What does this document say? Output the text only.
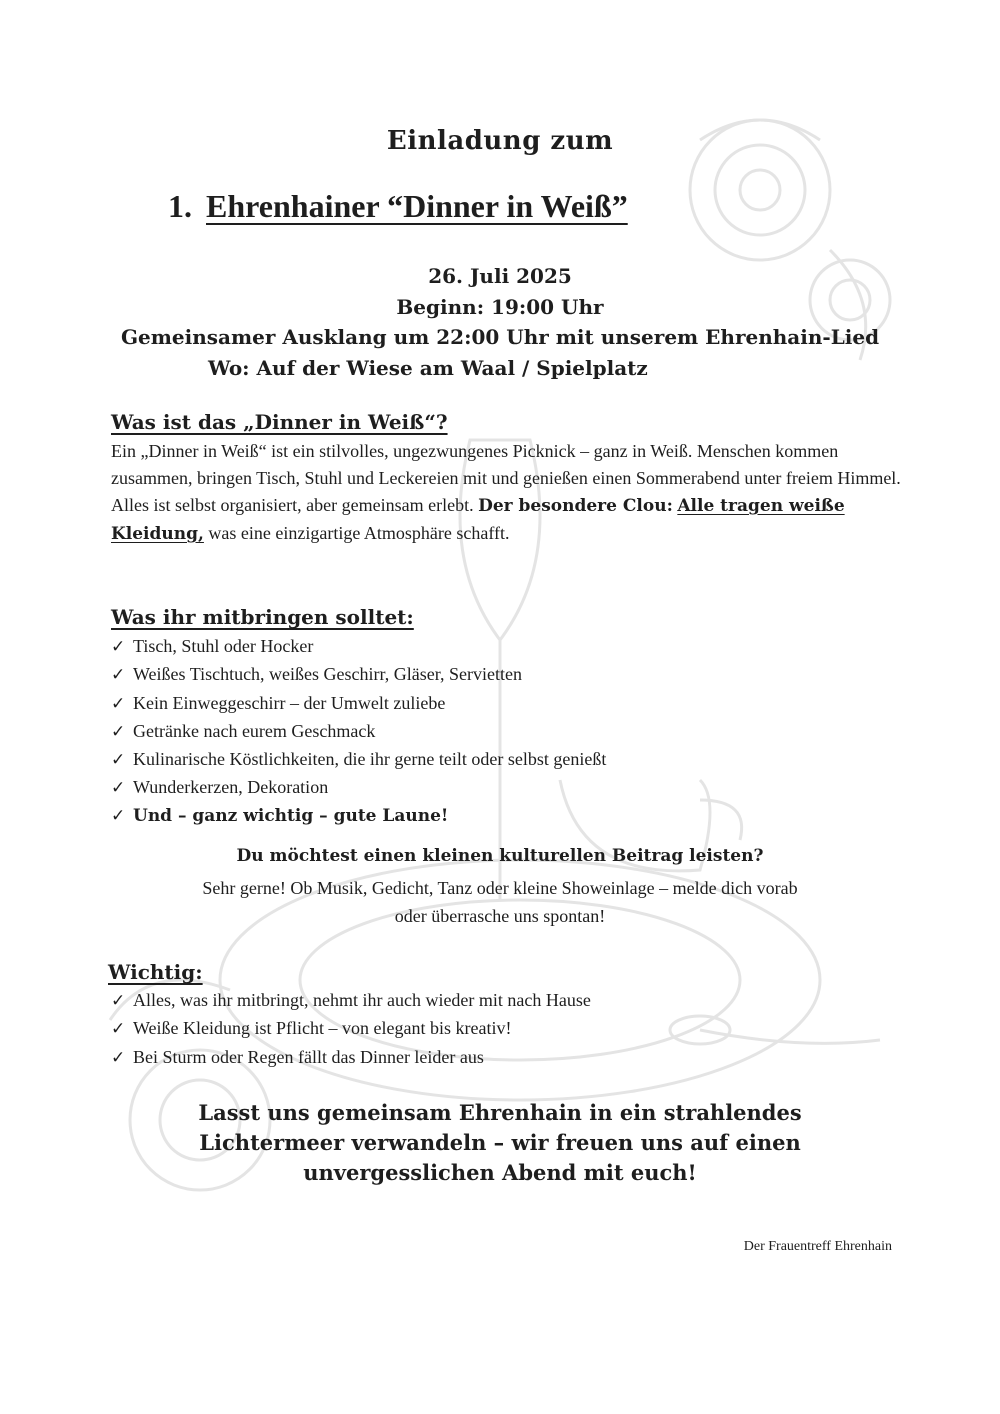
Einladung zum
1. Ehrenhainer “Dinner in Weiß”
26. Juli 2025
Beginn: 19:00 Uhr
Gemeinsamer Ausklang um 22:00 Uhr mit unserem Ehrenhain-Lied
Wo: Auf der Wiese am Waal / Spielplatz
Was ist das „Dinner in Weiß“?
Ein „Dinner in Weiß“ ist ein stilvolles, ungezwungenes Picknick – ganz in Weiß. Menschen kommen zusammen, bringen Tisch, Stuhl und Leckereien mit und genießen einen Sommerabend unter freiem Himmel. Alles ist selbst organisiert, aber gemeinsam erlebt. Der besondere Clou: Alle tragen weiße Kleidung, was eine einzigartige Atmosphäre schafft.
Was ihr mitbringen solltet:
✓ Tisch, Stuhl oder Hocker
✓ Weißes Tischtuch, weißes Geschirr, Gläser, Servietten
✓ Kein Einweggeschirr – der Umwelt zuliebe
✓ Getränke nach eurem Geschmack
✓ Kulinarische Köstlichkeiten, die ihr gerne teilt oder selbst genießt
✓ Wunderkerzen, Dekoration
✓ Und – ganz wichtig – gute Laune!
Du möchtest einen kleinen kulturellen Beitrag leisten?
Sehr gerne! Ob Musik, Gedicht, Tanz oder kleine Showeinlage – melde dich vorab
oder überrasche uns spontan!
Wichtig:
✓ Alles, was ihr mitbringt, nehmt ihr auch wieder mit nach Hause
✓ Weiße Kleidung ist Pflicht – von elegant bis kreativ!
✓ Bei Sturm oder Regen fällt das Dinner leider aus
Lasst uns gemeinsam Ehrenhain in ein strahlendes
Lichtermeer verwandeln – wir freuen uns auf einen
unvergesslichen Abend mit euch!
Der Frauentreff Ehrenhain
